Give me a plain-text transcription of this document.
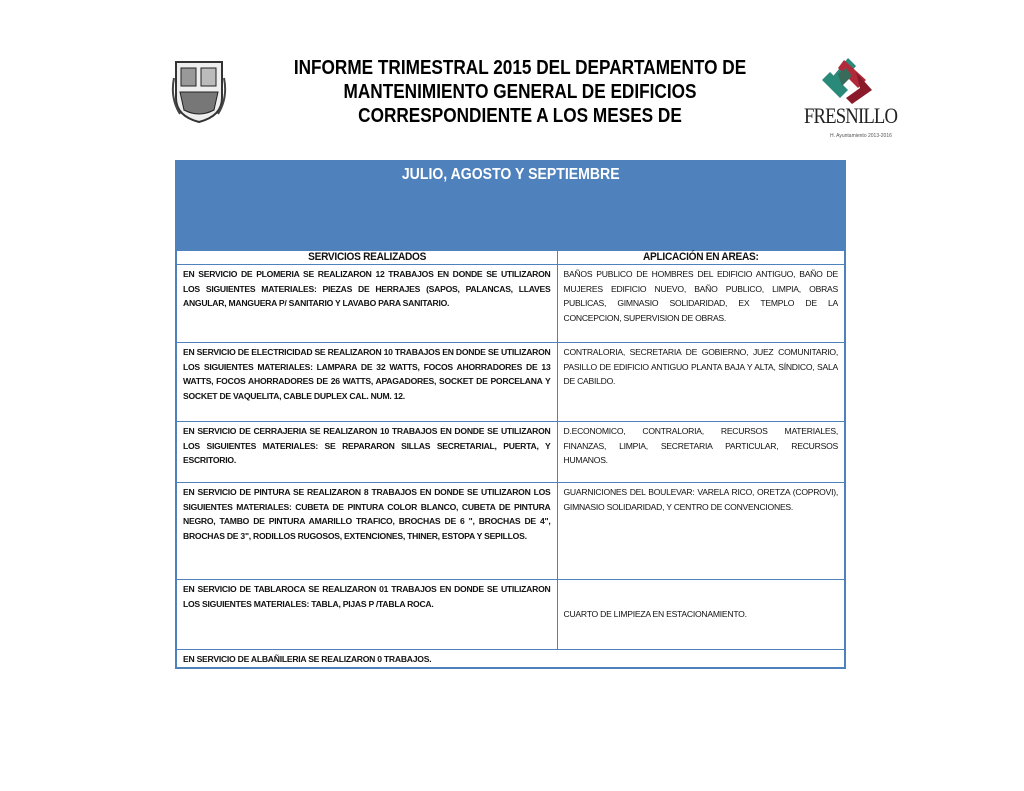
INFORME TRIMESTRAL 2015 DEL DEPARTAMENTO DE
MANTENIMIENTO GENERAL DE EDIFICIOS
CORRESPONDIENTE A LOS MESES DE	FRESNILLO
H. Ayuntamiento 2013-2016
JULIO, AGOSTO Y SEPTIEMBRE	
SERVICIOS REALIZADOS	APLICACIÓN EN AREAS:
EN SERVICIO DE PLOMERIA SE REALIZARON 12 TRABAJOS EN DONDE SE UTILIZARON LOS SIGUIENTES MATERIALES: PIEZAS DE HERRAJES (SAPOS, PALANCAS, LLAVES ANGULAR, MANGUERA P/ SANITARIO Y LAVABO PARA SANITARIO.	BAÑOS PUBLICO DE HOMBRES DEL EDIFICIO ANTIGUO, BAÑO DE MUJERES EDIFICIO NUEVO, BAÑO PUBLICO, LIMPIA, OBRAS PUBLICAS, GIMNASIO SOLIDARIDAD, EX TEMPLO DE LA CONCEPCION, SUPERVISION DE OBRAS.
EN SERVICIO DE ELECTRICIDAD SE REALIZARON 10 TRABAJOS EN DONDE SE UTILIZARON LOS SIGUIENTES MATERIALES: LAMPARA DE 32 WATTS, FOCOS AHORRADORES DE 13 WATTS, FOCOS AHORRADORES DE 26 WATTS, APAGADORES, SOCKET DE PORCELANA Y SOCKET DE VAQUELITA, CABLE DUPLEX CAL. NUM. 12.	CONTRALORIA, SECRETARIA DE GOBIERNO, JUEZ COMUNITARIO, PASILLO DE EDIFICIO ANTIGUO PLANTA BAJA Y ALTA, SÍNDICO, SALA DE CABILDO.
EN SERVICIO DE CERRAJERIA SE REALIZARON 10 TRABAJOS EN DONDE SE UTILIZARON LOS SIGUIENTES MATERIALES: SE REPARARON SILLAS SECRETARIAL, PUERTA, Y ESCRITORIO.	D.ECONOMICO, CONTRALORIA, RECURSOS MATERIALES, FINANZAS, LIMPIA, SECRETARIA PARTICULAR, RECURSOS HUMANOS.
EN SERVICIO DE PINTURA SE REALIZARON 8 TRABAJOS EN DONDE SE UTILIZARON LOS SIGUIENTES MATERIALES: CUBETA DE PINTURA COLOR BLANCO, CUBETA DE PINTURA NEGRO, TAMBO DE PINTURA AMARILLO TRAFICO, BROCHAS DE 6 ", BROCHAS DE 4", BROCHAS DE 3", RODILLOS RUGOSOS, EXTENCIONES, THINER, ESTOPA Y SEPILLOS.	GUARNICIONES DEL BOULEVAR: VARELA RICO, ORETZA (COPROVI), GIMNASIO SOLIDARIDAD, Y CENTRO DE CONVENCIONES.
EN SERVICIO DE TABLAROCA SE REALIZARON 01 TRABAJOS EN DONDE SE UTILIZARON LOS SIGUIENTES MATERIALES: TABLA, PIJAS P /TABLA ROCA.	CUARTO DE LIMPIEZA EN ESTACIONAMIENTO.
EN SERVICIO DE ALBAÑILERIA SE REALIZARON 0 TRABAJOS.	
